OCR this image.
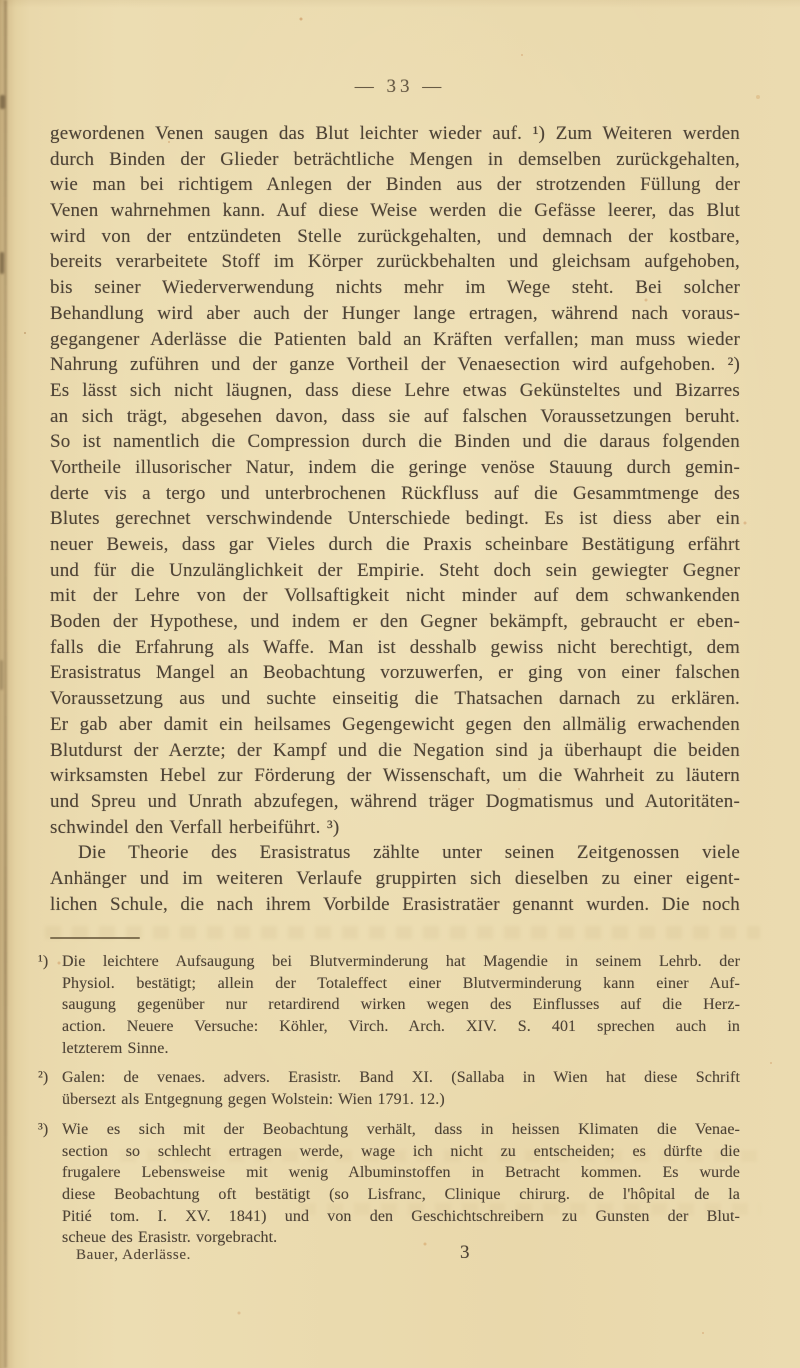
— 33 —
gewordenen Venen saugen das Blut leichter wieder auf. ¹) Zum Weiteren werden
durch Binden der Glieder beträchtliche Mengen in demselben zurückgehalten,
wie man bei richtigem Anlegen der Binden aus der strotzenden Füllung der
Venen wahrnehmen kann. Auf diese Weise werden die Gefässe leerer, das Blut
wird von der entzündeten Stelle zurückgehalten, und demnach der kostbare,
bereits verarbeitete Stoff im Körper zurückbehalten und gleichsam aufgehoben,
bis seiner Wiederverwendung nichts mehr im Wege steht. Bei solcher
Behandlung wird aber auch der Hunger lange ertragen, während nach voraus-
gegangener Aderlässe die Patienten bald an Kräften verfallen; man muss wieder
Nahrung zuführen und der ganze Vortheil der Venaesection wird aufgehoben. ²)
Es lässt sich nicht läugnen, dass diese Lehre etwas Gekünsteltes und Bizarres
an sich trägt, abgesehen davon, dass sie auf falschen Voraussetzungen beruht.
So ist namentlich die Compression durch die Binden und die daraus folgenden
Vortheile illusorischer Natur, indem die geringe venöse Stauung durch gemin-
derte vis a tergo und unterbrochenen Rückfluss auf die Gesammtmenge des
Blutes gerechnet verschwindende Unterschiede bedingt. Es ist diess aber ein
neuer Beweis, dass gar Vieles durch die Praxis scheinbare Bestätigung erfährt
und für die Unzulänglichkeit der Empirie. Steht doch sein gewiegter Gegner
mit der Lehre von der Vollsaftigkeit nicht minder auf dem schwankenden
Boden der Hypothese, und indem er den Gegner bekämpft, gebraucht er eben-
falls die Erfahrung als Waffe. Man ist desshalb gewiss nicht berechtigt, dem
Erasistratus Mangel an Beobachtung vorzuwerfen, er ging von einer falschen
Voraussetzung aus und suchte einseitig die Thatsachen darnach zu erklären.
Er gab aber damit ein heilsames Gegengewicht gegen den allmälig erwachenden
Blutdurst der Aerzte; der Kampf und die Negation sind ja überhaupt die beiden
wirksamsten Hebel zur Förderung der Wissenschaft, um die Wahrheit zu läutern
und Spreu und Unrath abzufegen, während träger Dogmatismus und Autoritäten-
schwindel den Verfall herbeiführt. ³)
Die Theorie des Erasistratus zählte unter seinen Zeitgenossen viele
Anhänger und im weiteren Verlaufe gruppirten sich dieselben zu einer eigent-
lichen Schule, die nach ihrem Vorbilde Erasistratäer genannt wurden. Die noch
¹) Die leichtere Aufsaugung bei Blutverminderung hat Magendie in seinem Lehrb. der
Physiol. bestätigt; allein der Totaleffect einer Blutverminderung kann einer Auf-
saugung gegenüber nur retardirend wirken wegen des Einflusses auf die Herz-
action. Neuere Versuche: Köhler, Virch. Arch. XIV. S. 401 sprechen auch in
letzterem Sinne.
²) Galen: de venaes. advers. Erasistr. Band XI. (Sallaba in Wien hat diese Schrift
übersezt als Entgegnung gegen Wolstein: Wien 1791. 12.)
³) Wie es sich mit der Beobachtung verhält, dass in heissen Klimaten die Venae-
section so schlecht ertragen werde, wage ich nicht zu entscheiden; es dürfte die
frugalere Lebensweise mit wenig Albuminstoffen in Betracht kommen. Es wurde
diese Beobachtung oft bestätigt (so Lisfranc, Clinique chirurg. de l'hôpital de la
Pitié tom. I. XV. 1841) und von den Geschichtschreibern zu Gunsten der Blut-
scheue des Erasistr. vorgebracht.
Bauer, Aderlässe.	3
